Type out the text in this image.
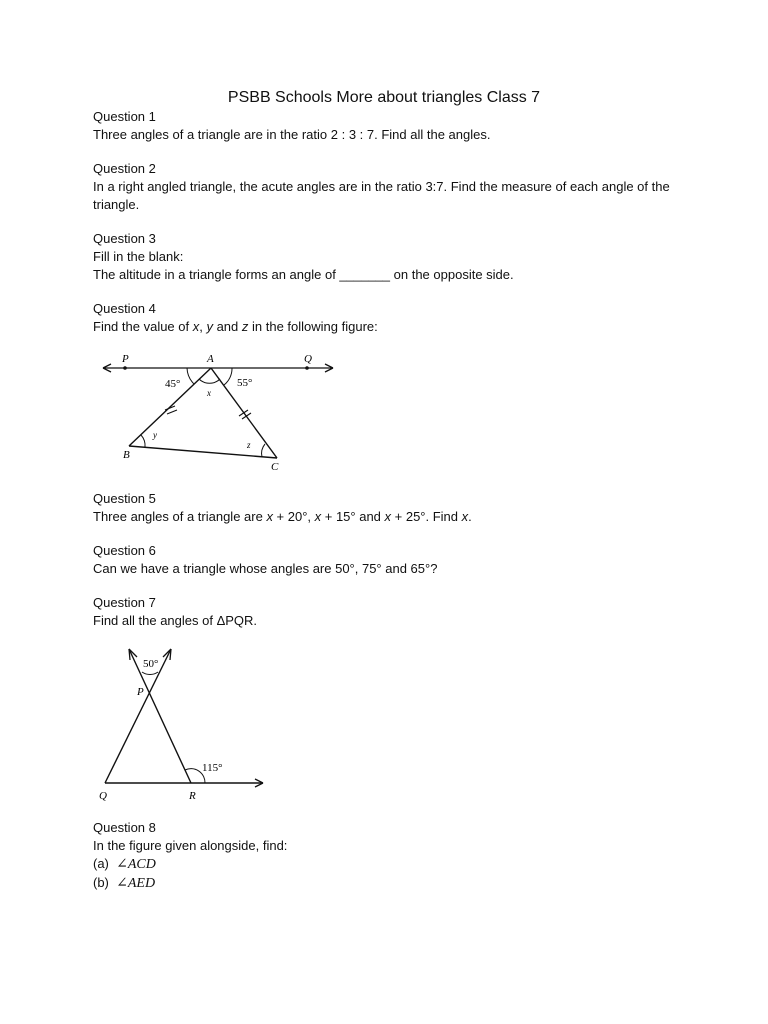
PSBB Schools More about triangles Class 7

Question 1

Three angles of a triangle are in the ratio 2 : 3 : 7. Find all the angles.

Question 2

In a right angled triangle, the acute angles are in the ratio 3:7. Find the measure of each angle of the triangle.

Question 3

Fill in the blank:

The altitude in a triangle forms an angle of _______ on the opposite side.

Question 4

Find the value of x, y and z in the following figure:

P	A	Q
B
C
45°	55°
x
y
z

Question 5

Three angles of a triangle are x + 20°, x + 15° and x + 25°. Find x.

Question 6

Can we have a triangle whose angles are 50°, 75° and 65°?

Question 7

Find all the angles of ΔPQR.

50°
P
Q	R
115°

Question 8

In the figure given alongside, find:

(a) ∠ACD

(b) ∠AED
